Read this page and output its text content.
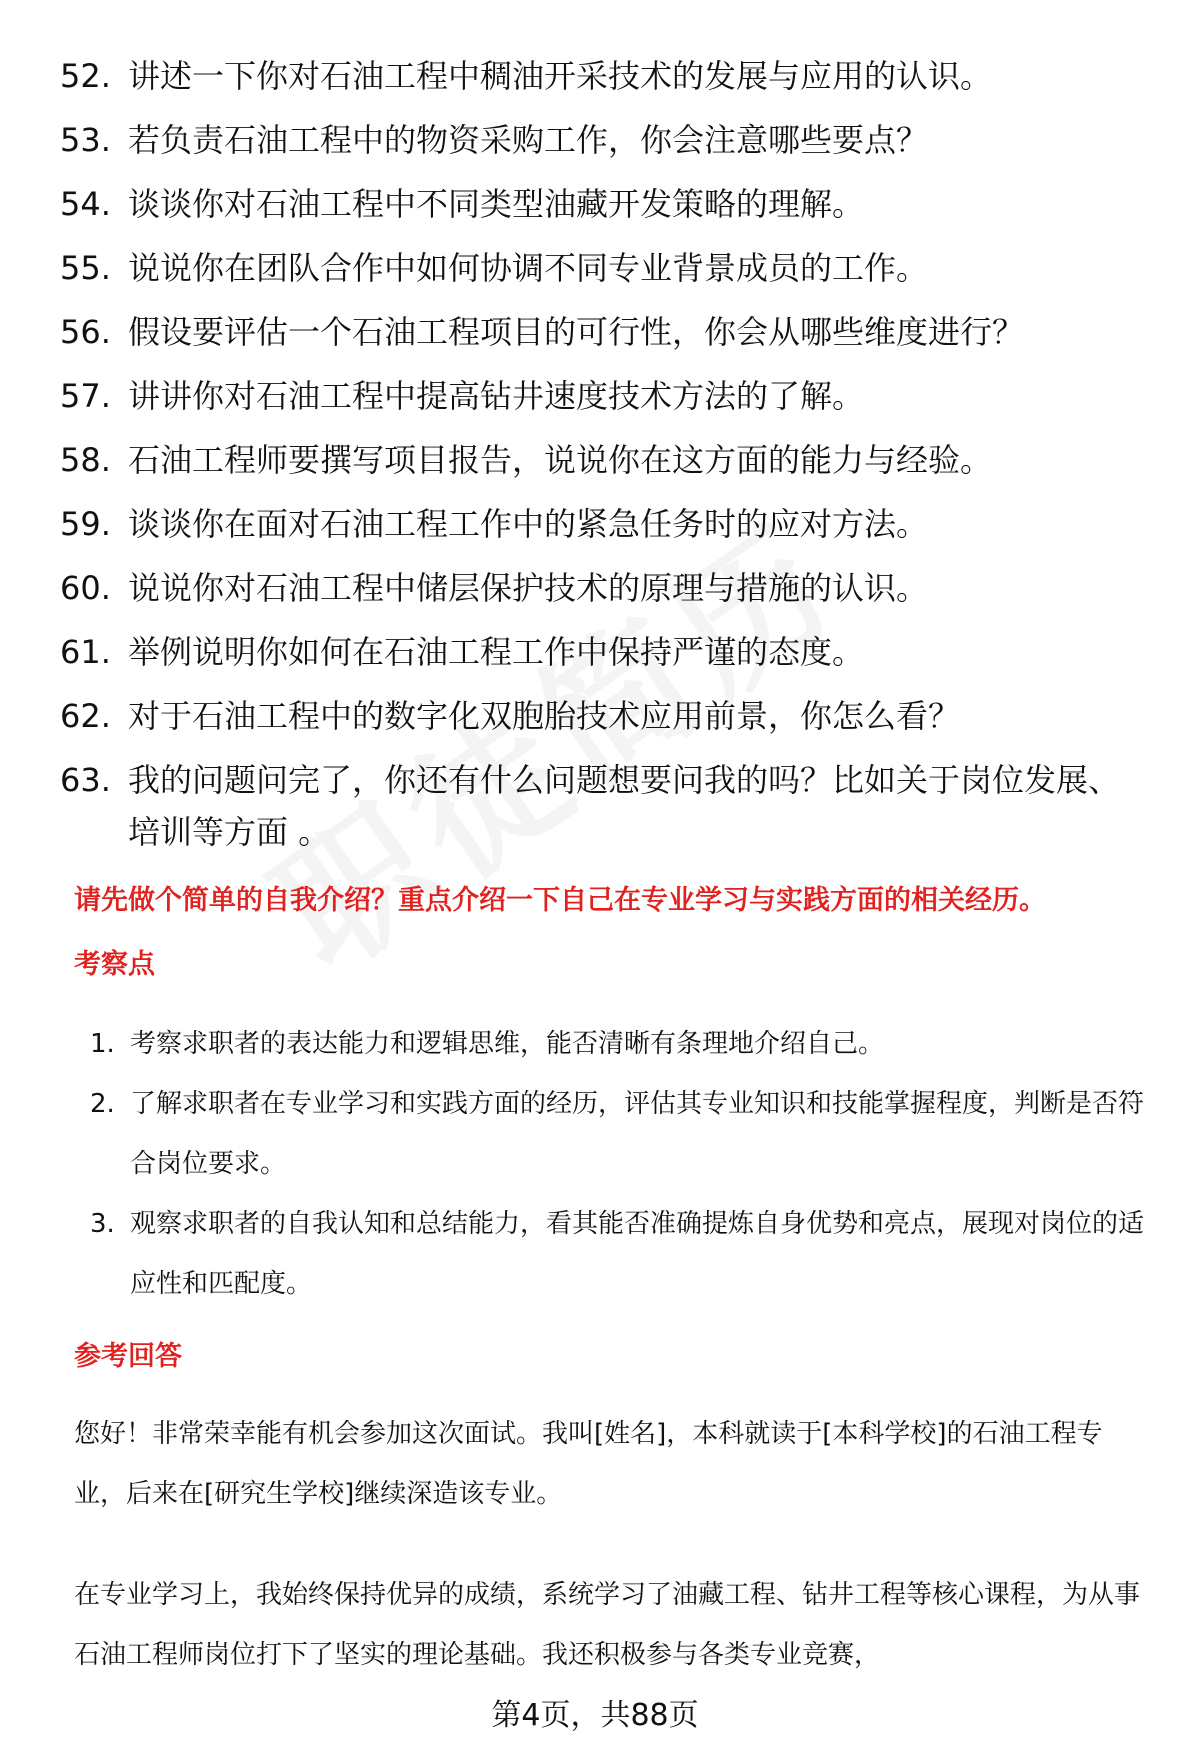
52. 讲述一下你对石油工程中稠油开采技术的发展与应用的认识。
53. 若负责石油工程中的物资采购工作，你会注意哪些要点？
54. 谈谈你对石油工程中不同类型油藏开发策略的理解。
55. 说说你在团队合作中如何协调不同专业背景成员的工作。
56. 假设要评估一个石油工程项目的可行性，你会从哪些维度进行？
57. 讲讲你对石油工程中提高钻井速度技术方法的了解。
58. 石油工程师要撰写项目报告，说说你在这方面的能力与经验。
59. 谈谈你在面对石油工程工作中的紧急任务时的应对方法。
60. 说说你对石油工程中储层保护技术的原理与措施的认识。
61. 举例说明你如何在石油工程工作中保持严谨的态度。
62. 对于石油工程中的数字化双胞胎技术应用前景，你怎么看？
63. 我的问题问完了，你还有什么问题想要问我的吗？比如关于岗位发展、培训等方面 。
请先做个简单的自我介绍？重点介绍一下自己在专业学习与实践方面的相关经历。
考察点
1. 考察求职者的表达能力和逻辑思维，能否清晰有条理地介绍自己。
2. 了解求职者在专业学习和实践方面的经历，评估其专业知识和技能掌握程度，判断是否符合岗位要求。
3. 观察求职者的自我认知和总结能力，看其能否准确提炼自身优势和亮点，展现对岗位的适应性和匹配度。
参考回答

您好！非常荣幸能有机会参加这次面试。我叫[姓名]，本科就读于[本科学校]的石油工程专业，后来在[研究生学校]继续深造该专业。

在专业学习上，我始终保持优异的成绩，系统学习了油藏工程、钻井工程等核心课程，为从事石油工程师岗位打下了坚实的理论基础。我还积极参与各类专业竞赛，

第4页，共88页
